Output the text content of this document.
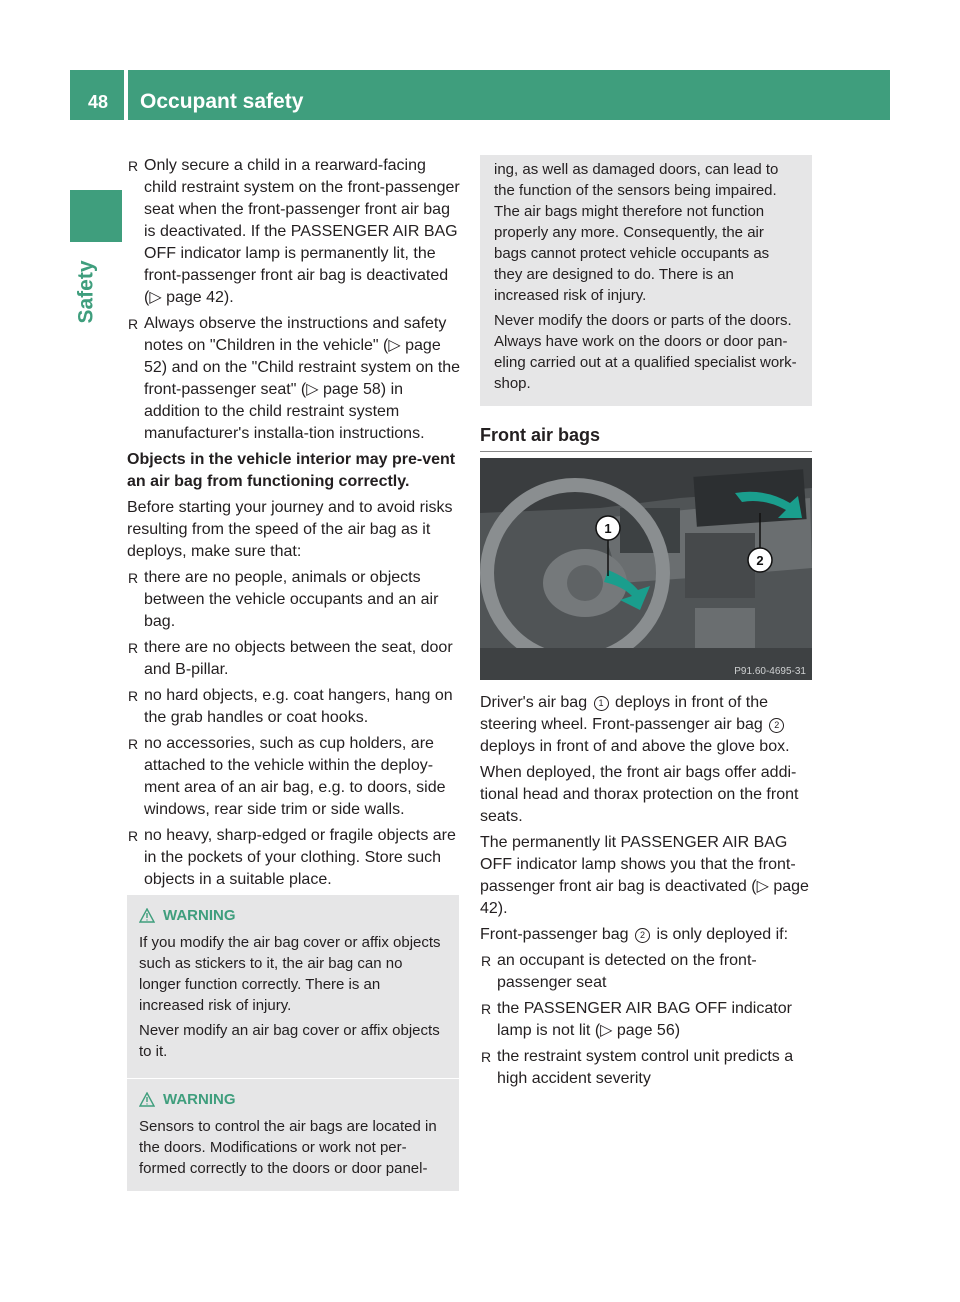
48 Occupant safety
Safety
R Only secure a child in a rearward-facing child restraint system on the front-passenger seat when the front-passenger front air bag is deactivated. If the PASSENGER AIR BAG OFF indicator lamp is permanently lit, the front-passenger front air bag is deactivated (▷ page 42).
R Always observe the instructions and safety notes on "Children in the vehicle" (▷ page 52) and on the "Child restraint system on the front-passenger seat" (▷ page 58) in addition to the child restraint system manufacturer's installa-tion instructions.

Objects in the vehicle interior may pre-vent an air bag from functioning correctly.

Before starting your journey and to avoid risks resulting from the speed of the air bag as it deploys, make sure that:

R there are no people, animals or objects between the vehicle occupants and an air bag.
R there are no objects between the seat, door and B-pillar.
R no hard objects, e.g. coat hangers, hang on the grab handles or coat hooks.
R no accessories, such as cup holders, are attached to the vehicle within the deploy-ment area of an air bag, e.g. to doors, side windows, rear side trim or side walls.
R no heavy, sharp-edged or fragile objects are in the pockets of your clothing. Store such objects in a suitable place.
WARNING

If you modify the air bag cover or affix objects such as stickers to it, the air bag can no longer function correctly. There is an increased risk of injury.

Never modify an air bag cover or affix objects to it.

WARNING

Sensors to control the air bags are located in the doors. Modifications or work not per-formed correctly to the doors or door panel-

ing, as well as damaged doors, can lead to the function of the sensors being impaired. The air bags might therefore not function properly any more. Consequently, the air bags cannot protect vehicle occupants as they are designed to do. There is an increased risk of injury.

Never modify the doors or parts of the doors. Always have work on the doors or door pan-eling carried out at a qualified specialist work-shop.

Front air bags
1
2
P91.60-4695-31

Driver's air bag 1 deploys in front of the steering wheel. Front-passenger air bag 2 deploys in front of and above the glove box.

When deployed, the front air bags offer addi-tional head and thorax protection on the front seats.

The permanently lit PASSENGER AIR BAG OFF indicator lamp shows you that the front-passenger front air bag is deactivated (▷ page 42).

Front-passenger bag 2 is only deployed if:

R an occupant is detected on the front-passenger seat
R the PASSENGER AIR BAG OFF indicator lamp is not lit (▷ page 56)
R the restraint system control unit predicts a high accident severity
